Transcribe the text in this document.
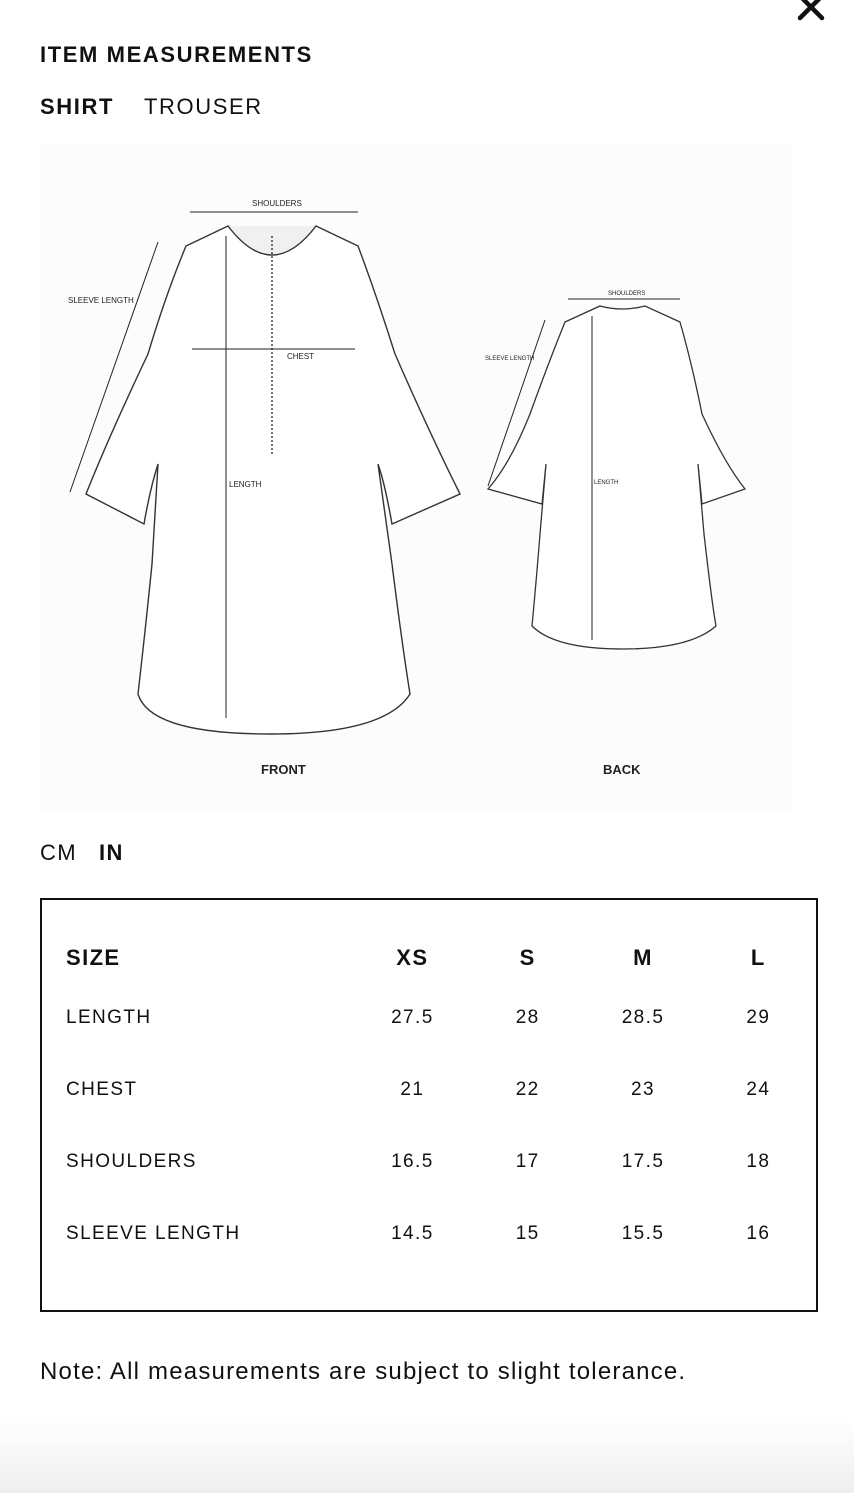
ITEM MEASUREMENTS
SHIRT TROUSER
SHOULDERS
SLEEVE LENGTH
CHEST
LENGTH
FRONT
SHOULDERS
SLEEVE LENGTH
LENGTH
BACK
CM IN
SIZE	XS	S	M	L
LENGTH	27.5	28	28.5	29
CHEST	21	22	23	24
SHOULDERS	16.5	17	17.5	18
SLEEVE LENGTH	14.5	15	15.5	16
Note: All measurements are subject to slight tolerance.
